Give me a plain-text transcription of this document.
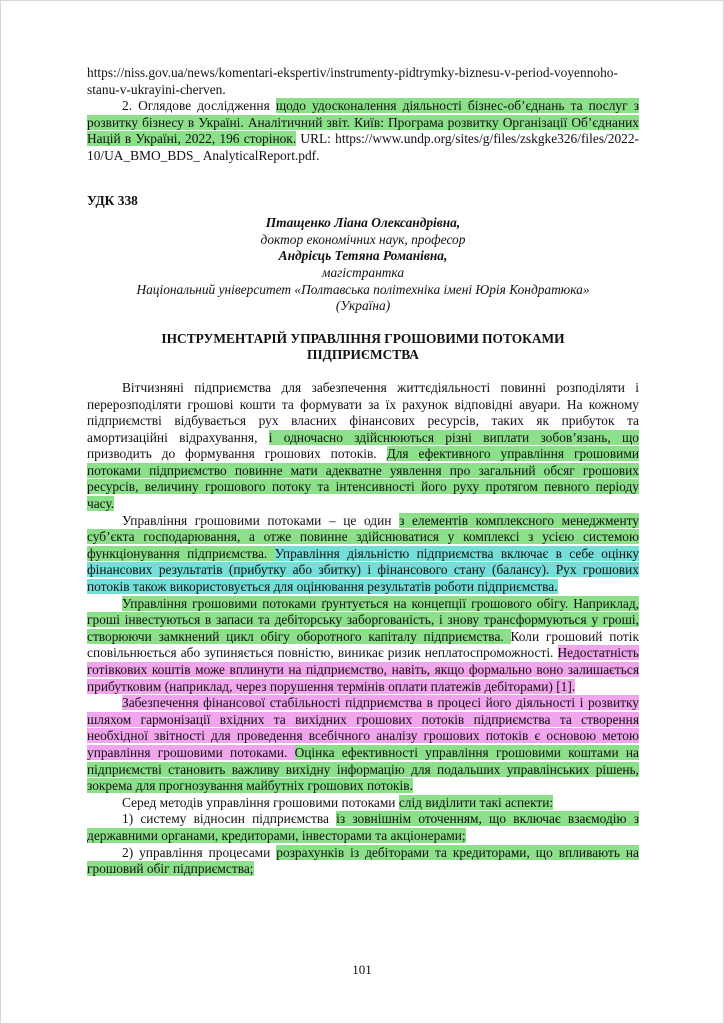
https://niss.gov.ua/news/komentari-ekspertiv/instrumenty-pidtrymky-biznesu-v-period-voyennoho-stanu-v-ukrayini-cherven.

2. Оглядове дослідження щодо удосконалення діяльності бізнес-об’єднань та послуг з розвитку бізнесу в Україні. Аналітичний звіт. Київ: Програма розвитку Організації Об’єднаних Націй в Україні, 2022, 196 сторінок. URL: https://www.undp.org/sites/g/files/zskgke326/files/2022-10/UA_BMO_BDS_ AnalyticalReport.pdf.

УДК 338

Птащенко Ліана Олександрівна,
доктор економічних наук, професор
Андрієць Тетяна Романівна,
магістрантка
Національний університет «Полтавська політехніка імені Юрія Кондратюка»
(Україна)
ІНСТРУМЕНТАРІЙ УПРАВЛІННЯ ГРОШОВИМИ ПОТОКАМИ
ПІДПРИЄМСТВА

Вітчизняні підприємства для забезпечення життєдіяльності повинні розподіляти і перерозподіляти грошові кошти та формувати за їх рахунок відповідні авуари. На кожному підприємстві відбувається рух власних фінансових ресурсів, таких як прибуток та амортизаційні відрахування, і одночасно здійснюються різні виплати зобов’язань, що призводить до формування грошових потоків. Для ефективного управління грошовими потоками підприємство повинне мати адекватне уявлення про загальний обсяг грошових ресурсів, величину грошового потоку та інтенсивності його руху протягом певного періоду часу.

Управління грошовими потоками – це один з елементів комплексного менеджменту суб’єкта господарювання, а отже повинне здійснюватися у комплексі з усією системою функціонування підприємства. Управління діяльністю підприємства включає в себе оцінку фінансових результатів (прибутку або збитку) і фінансового стану (балансу). Рух грошових потоків також використовується для оцінювання результатів роботи підприємства.

Управління грошовими потоками ґрунтується на концепції грошового обігу. Наприклад, гроші інвестуються в запаси та дебіторську заборгованість, і знову трансформуються у гроші, створюючи замкнений цикл обігу оборотного капіталу підприємства. Коли грошовий потік сповільнюється або зупиняється повністю, виникає ризик неплатоспроможності. Недостатність готівкових коштів може вплинути на підприємство, навіть, якщо формально воно залишається прибутковим (наприклад, через порушення термінів оплати платежів дебіторами) [1].

Забезпечення фінансової стабільності підприємства в процесі його діяльності і розвитку шляхом гармонізації вхідних та вихідних грошових потоків підприємства та створення необхідної звітності для проведення всебічного аналізу грошових потоків є основою метою управління грошовими потоками. Оцінка ефективності управління грошовими коштами на підприємстві становить важливу вихідну інформацію для подальших управлінських рішень, зокрема для прогнозування майбутніх грошових потоків.

Серед методів управління грошовими потоками слід виділити такі аспекти:

1) систему відносин підприємства із зовнішнім оточенням, що включає взаємодію з державними органами, кредиторами, інвесторами та акціонерами;

2) управління процесами розрахунків із дебіторами та кредиторами, що впливають на грошовий обіг підприємства;

101
